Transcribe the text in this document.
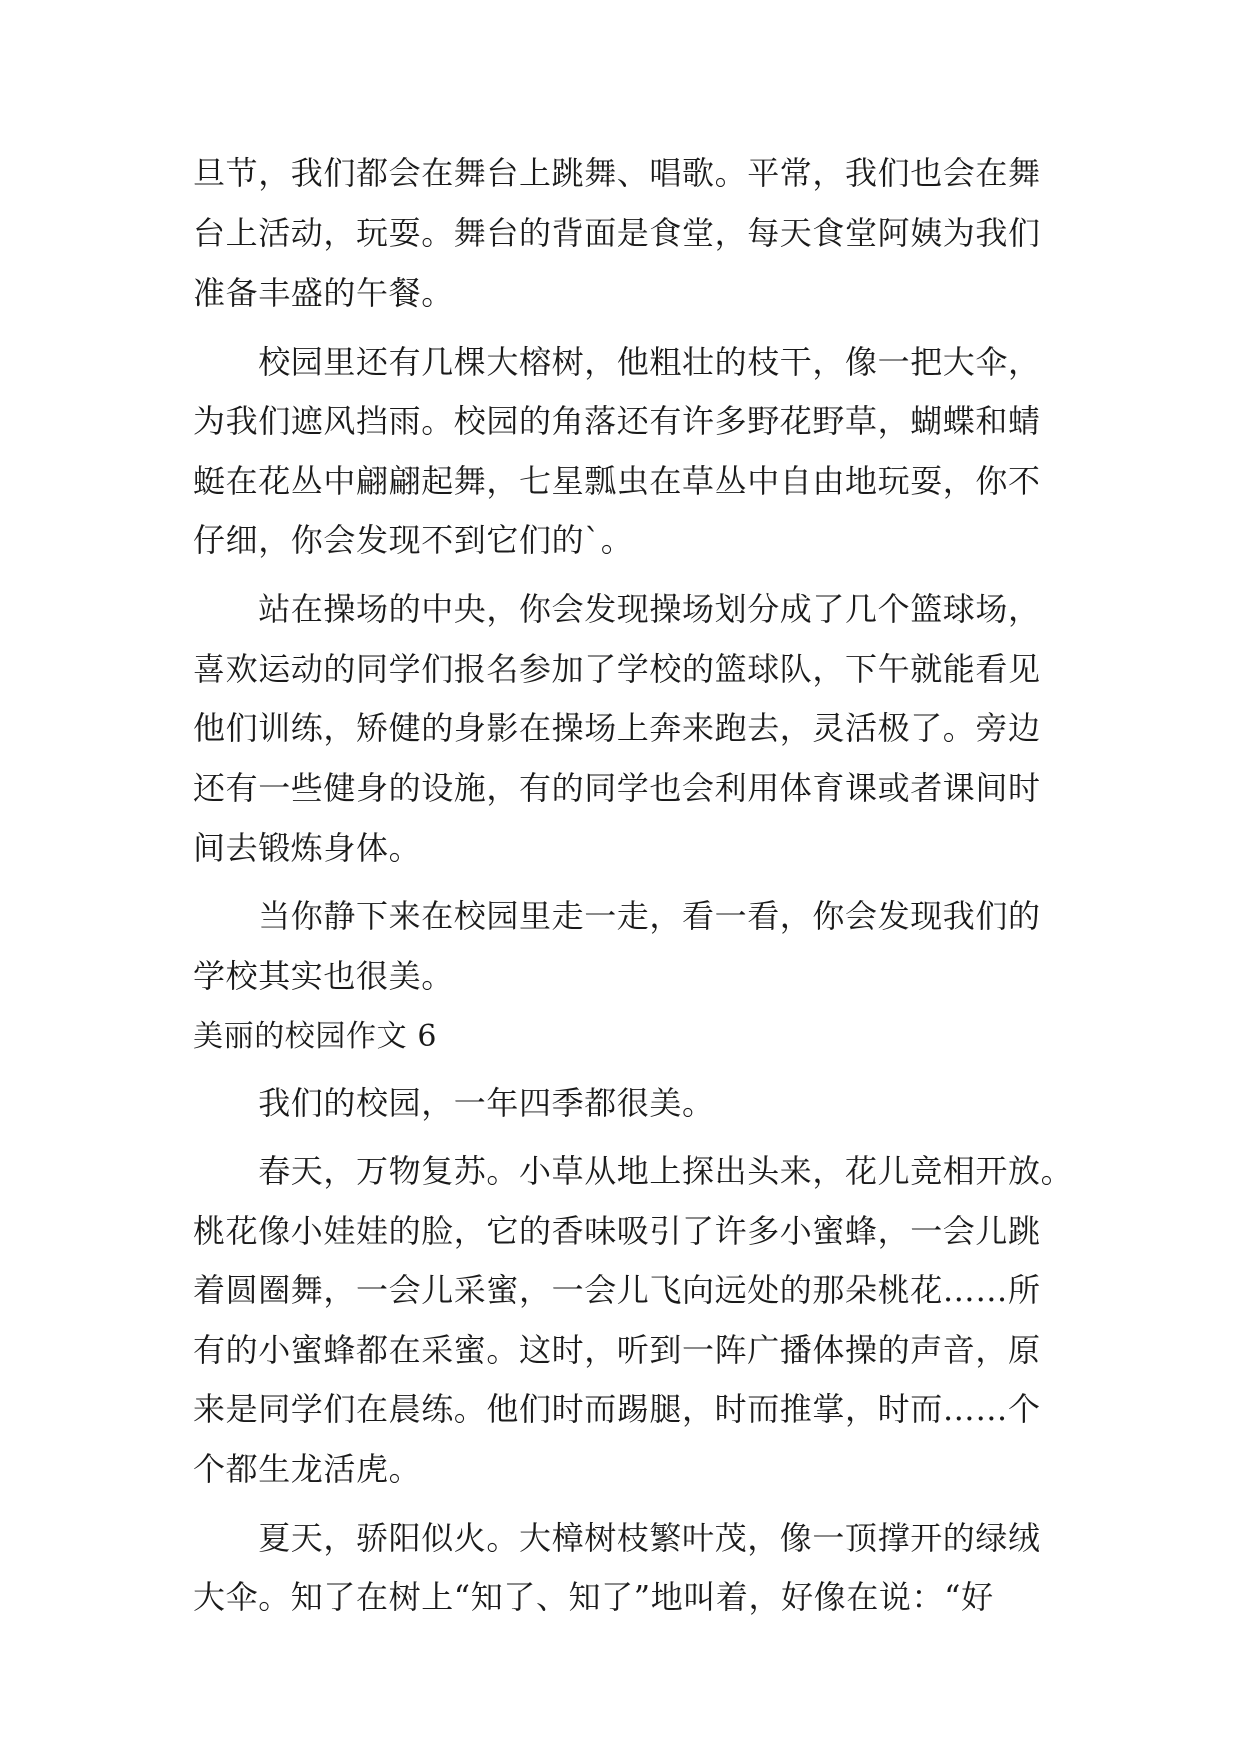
旦节，我们都会在舞台上跳舞、唱歌。平常，我们也会在舞
台上活动，玩耍。舞台的背面是食堂，每天食堂阿姨为我们
准备丰盛的午餐。
　　校园里还有几棵大榕树，他粗壮的枝干，像一把大伞，
为我们遮风挡雨。校园的角落还有许多野花野草，蝴蝶和蜻
蜓在花丛中翩翩起舞，七星瓢虫在草丛中自由地玩耍，你不
仔细，你会发现不到它们的`。
　　站在操场的中央，你会发现操场划分成了几个篮球场，
喜欢运动的同学们报名参加了学校的篮球队，下午就能看见
他们训练，矫健的身影在操场上奔来跑去，灵活极了。旁边
还有一些健身的设施，有的同学也会利用体育课或者课间时
间去锻炼身体。
　　当你静下来在校园里走一走，看一看，你会发现我们的
学校其实也很美。
美丽的校园作文 6
　　我们的校园，一年四季都很美。
　　春天，万物复苏。小草从地上探出头来，花儿竞相开放。
桃花像小娃娃的脸，它的香味吸引了许多小蜜蜂，一会儿跳
着圆圈舞，一会儿采蜜，一会儿飞向远处的那朵桃花……所
有的小蜜蜂都在采蜜。这时，听到一阵广播体操的声音，原
来是同学们在晨练。他们时而踢腿，时而推掌，时而……个
个都生龙活虎。
　　夏天，骄阳似火。大樟树枝繁叶茂，像一顶撑开的绿绒
大伞。知了在树上“知了、知了”地叫着，好像在说：“好
